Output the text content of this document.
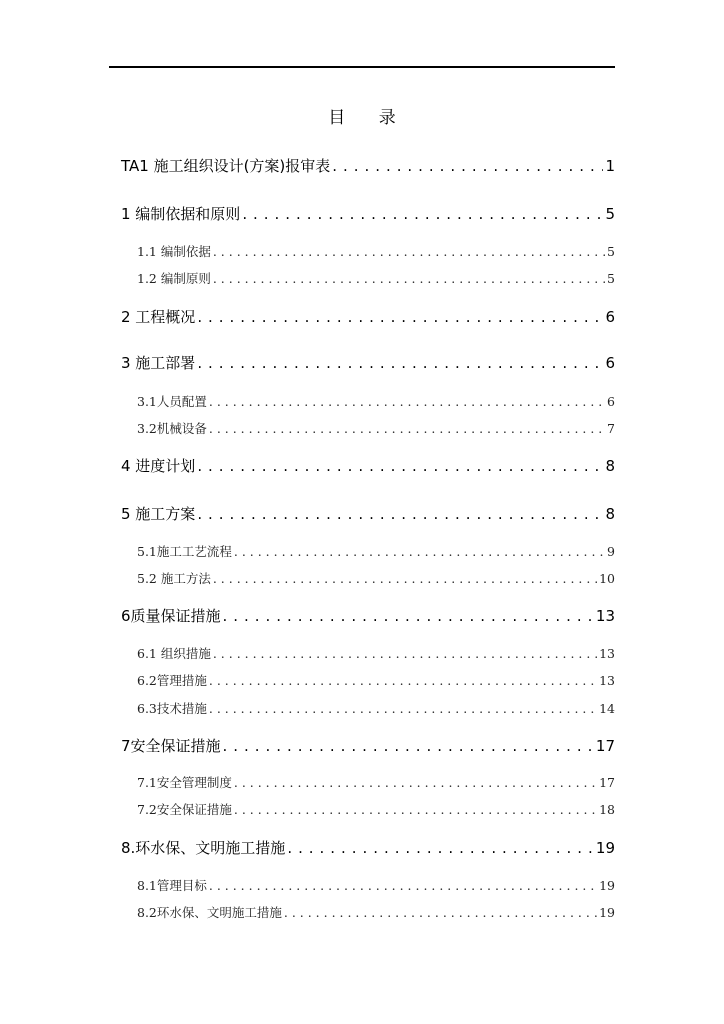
目 录
TA1 施工组织设计(方案)报审表 . . .	1
1 编制依据和原则 . . .	5
1.1 编制依据 . . .	5
1.2 编制原则 . . .	5
2 工程概况 . . .	6
3 施工部署 . . .	6
3.1人员配置 . . .	6
3.2机械设备 . . .	7
4 进度计划 . . .	8
5 施工方案 . . .	8
5.1施工工艺流程 . . .	9
5.2 施工方法 . . .	10
6质量保证措施 . . .	13
6.1 组织措施 . . .	13
6.2管理措施 . . .	13
6.3技术措施 . . .	14
7安全保证措施 . . .	17
7.1安全管理制度 . . .	17
7.2安全保证措施 . . .	18
8.环水保、文明施工措施 . . .	19
8.1管理目标 . . .	19
8.2环水保、文明施工措施 . . .	19
